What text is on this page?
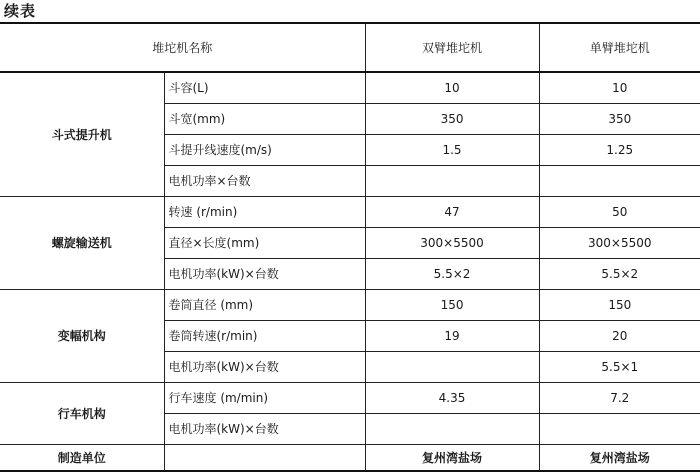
续表
堆坨机名称		双臂堆坨机	单臂堆坨机
斗式提升机	斗容(L)	10	10
	斗宽(mm)	350	350
	斗提升线速度(m/s)	1.5	1.25
	电机功率×台数		
螺旋输送机	转速 (r/min)	47	50
	直径×长度(mm)	300×5500	300×5500
	电机功率(kW)×台数	5.5×2	5.5×2
变幅机构	卷筒直径 (mm)	150	150
	卷筒转速(r/min)	19	20
	电机功率(kW)×台数		5.5×1
行车机构	行车速度 (m/min)	4.35	7.2
	电机功率(kW)×台数		
制造单位		复州湾盐场	复州湾盐场
